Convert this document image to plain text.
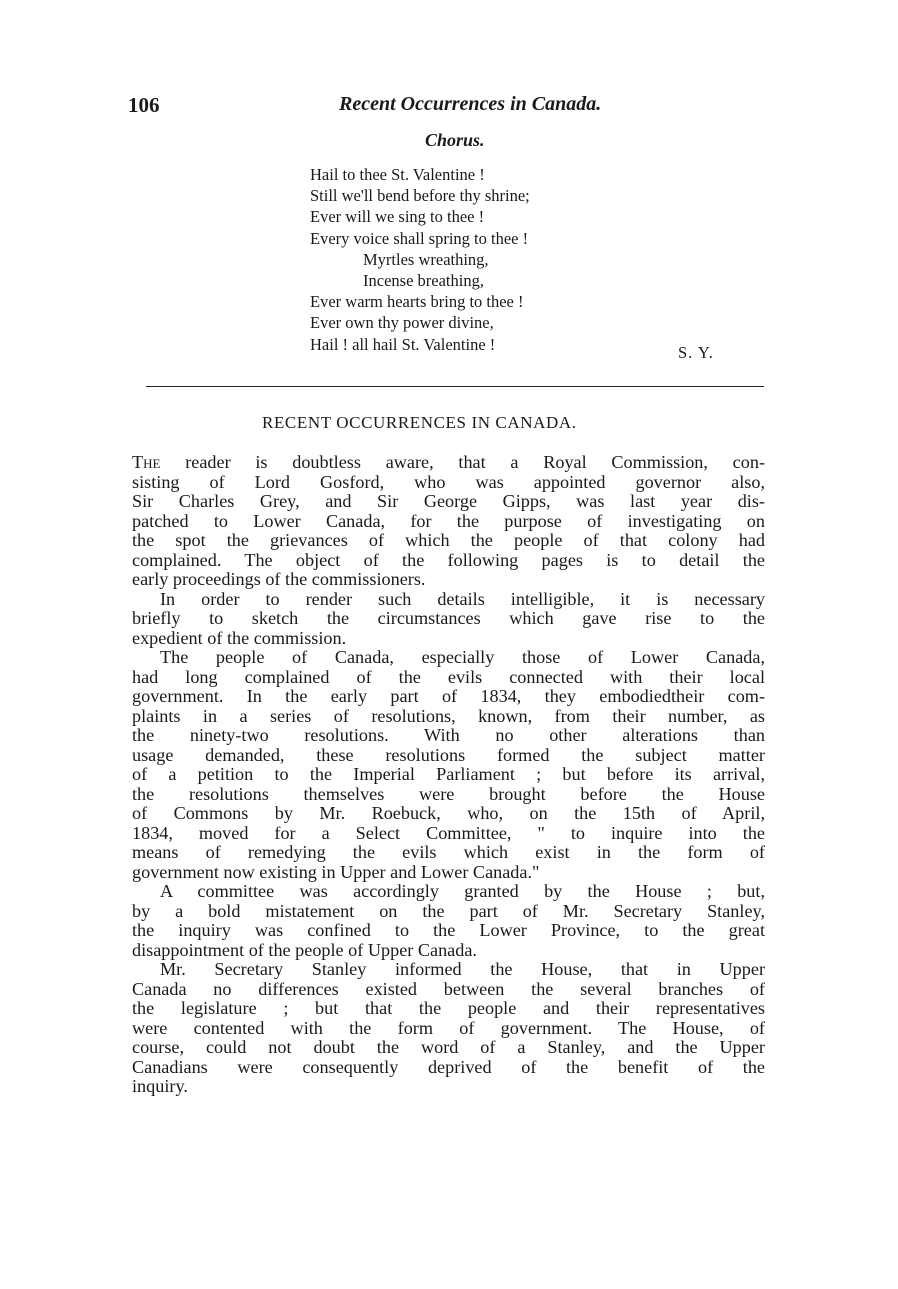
106	Recent Occurrences in Canada.
Chorus.
Hail to thee St. Valentine !
Still we'll bend before thy shrine;
Ever will we sing to thee !
Every voice shall spring to thee !
Myrtles wreathing,
Incense breathing,
Ever warm hearts bring to thee !
Ever own thy power divine,
Hail ! all hail St. Valentine !	S. Y.
RECENT OCCURRENCES IN CANADA.
The reader is doubtless aware, that a Royal Commission, con-
sisting of Lord Gosford, who was appointed governor also,
Sir Charles Grey, and Sir George Gipps, was last year dis-
patched to Lower Canada, for the purpose of investigating on
the spot the grievances of which the people of that colony had
complained. The object of the following pages is to detail the
early proceedings of the commissioners.
In order to render such details intelligible, it is necessary
briefly to sketch the circumstances which gave rise to the
expedient of the commission.
The people of Canada, especially those of Lower Canada,
had long complained of the evils connected with their local
government. In the early part of 1834, they embodiedtheir com-
plaints in a series of resolutions, known, from their number, as
the ninety-two resolutions. With no other alterations than
usage demanded, these resolutions formed the subject matter
of a petition to the Imperial Parliament ; but before its arrival,
the resolutions themselves were brought before the House
of Commons by Mr. Roebuck, who, on the 15th of April,
1834, moved for a Select Committee, " to inquire into the
means of remedying the evils which exist in the form of
government now existing in Upper and Lower Canada."
A committee was accordingly granted by the House ; but,
by a bold mistatement on the part of Mr. Secretary Stanley,
the inquiry was confined to the Lower Province, to the great
disappointment of the people of Upper Canada.
Mr. Secretary Stanley informed the House, that in Upper
Canada no differences existed between the several branches of
the legislature ; but that the people and their representatives
were contented with the form of government. The House, of
course, could not doubt the word of a Stanley, and the Upper
Canadians were consequently deprived of the benefit of the
inquiry.
